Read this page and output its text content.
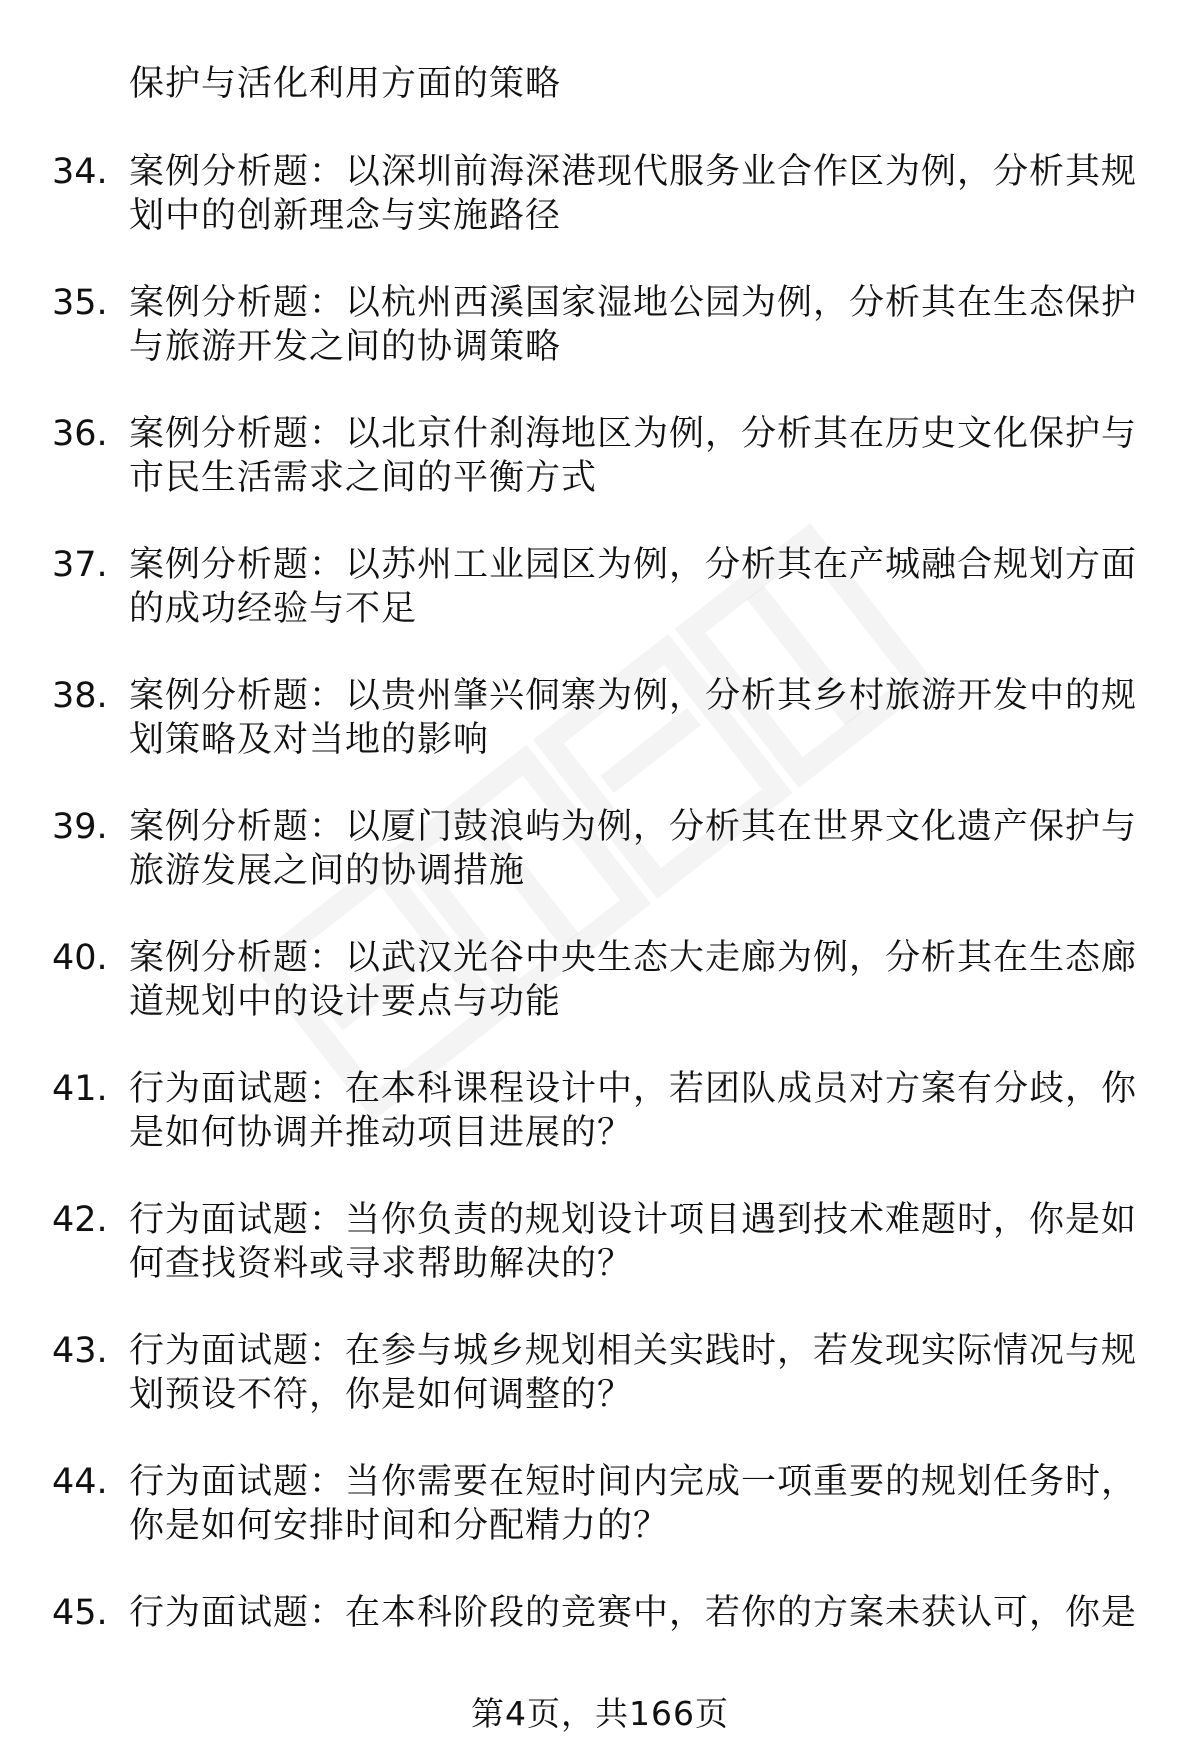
保护与活化利用方面的策略
34. 案例分析题：以深圳前海深港现代服务业合作区为例，分析其规
划中的创新理念与实施路径
35. 案例分析题：以杭州西溪国家湿地公园为例，分析其在生态保护
与旅游开发之间的协调策略
36. 案例分析题：以北京什刹海地区为例，分析其在历史文化保护与
市民生活需求之间的平衡方式
37. 案例分析题：以苏州工业园区为例，分析其在产城融合规划方面
的成功经验与不足
38. 案例分析题：以贵州肇兴侗寨为例，分析其乡村旅游开发中的规
划策略及对当地的影响
39. 案例分析题：以厦门鼓浪屿为例，分析其在世界文化遗产保护与
旅游发展之间的协调措施
40. 案例分析题：以武汉光谷中央生态大走廊为例，分析其在生态廊
道规划中的设计要点与功能
41. 行为面试题：在本科课程设计中，若团队成员对方案有分歧，你
是如何协调并推动项目进展的？
42. 行为面试题：当你负责的规划设计项目遇到技术难题时，你是如
何查找资料或寻求帮助解决的？
43. 行为面试题：在参与城乡规划相关实践时，若发现实际情况与规
划预设不符，你是如何调整的？
44. 行为面试题：当你需要在短时间内完成一项重要的规划任务时，
你是如何安排时间和分配精力的？
45. 行为面试题：在本科阶段的竞赛中，若你的方案未获认可，你是
第4页，共166页
